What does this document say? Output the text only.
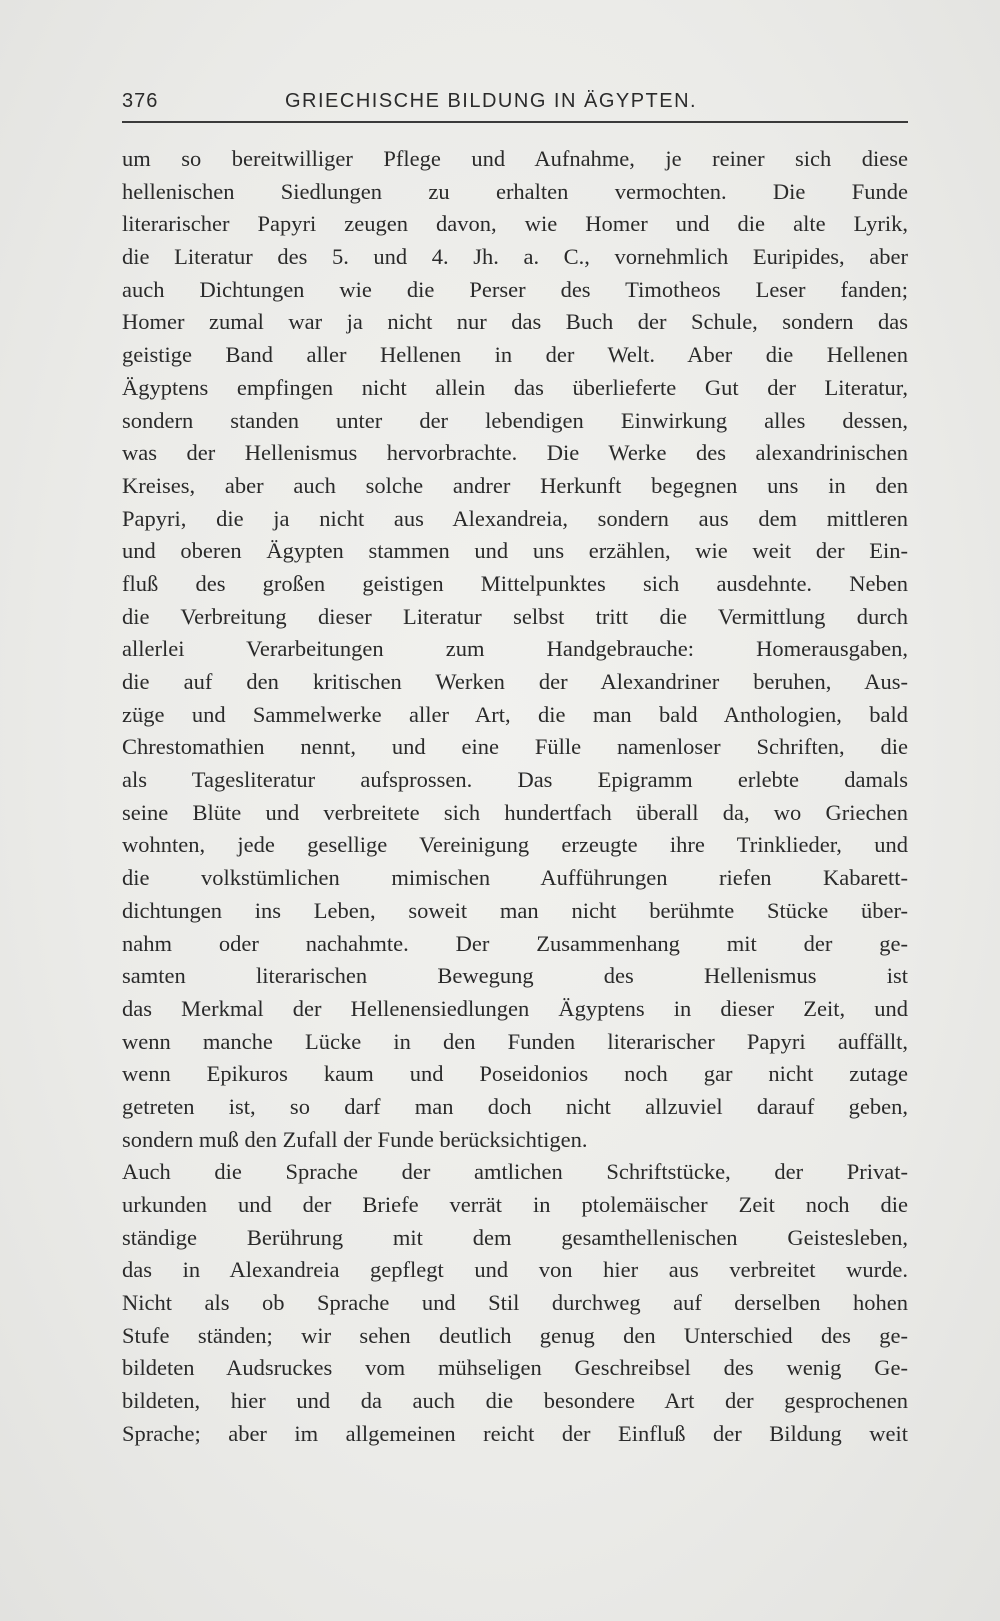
376	GRIECHISCHE BILDUNG IN ÄGYPTEN.
um so bereitwilliger Pflege und Aufnahme, je reiner sich diese
hellenischen Siedlungen zu erhalten vermochten. Die Funde
literarischer Papyri zeugen davon, wie Homer und die alte Lyrik,
die Literatur des 5. und 4. Jh. a. C., vornehmlich Euripides, aber
auch Dichtungen wie die Perser des Timotheos Leser fanden;
Homer zumal war ja nicht nur das Buch der Schule, sondern das
geistige Band aller Hellenen in der Welt. Aber die Hellenen
Ägyptens empfingen nicht allein das überlieferte Gut der Literatur,
sondern standen unter der lebendigen Einwirkung alles dessen,
was der Hellenismus hervorbrachte. Die Werke des alexandrinischen
Kreises, aber auch solche andrer Herkunft begegnen uns in den
Papyri, die ja nicht aus Alexandreia, sondern aus dem mittleren
und oberen Ägypten stammen und uns erzählen, wie weit der Ein-
fluß des großen geistigen Mittelpunktes sich ausdehnte. Neben
die Verbreitung dieser Literatur selbst tritt die Vermittlung durch
allerlei Verarbeitungen zum Handgebrauche: Homerausgaben,
die auf den kritischen Werken der Alexandriner beruhen, Aus-
züge und Sammelwerke aller Art, die man bald Anthologien, bald
Chrestomathien nennt, und eine Fülle namenloser Schriften, die
als Tagesliteratur aufsprossen. Das Epigramm erlebte damals
seine Blüte und verbreitete sich hundertfach überall da, wo Griechen
wohnten, jede gesellige Vereinigung erzeugte ihre Trinklieder, und
die volkstümlichen mimischen Aufführungen riefen Kabarett-
dichtungen ins Leben, soweit man nicht berühmte Stücke über-
nahm oder nachahmte. Der Zusammenhang mit der ge-
samten literarischen Bewegung des Hellenismus ist
das Merkmal der Hellenensiedlungen Ägyptens in dieser Zeit, und
wenn manche Lücke in den Funden literarischer Papyri auffällt,
wenn Epikuros kaum und Poseidonios noch gar nicht zutage
getreten ist, so darf man doch nicht allzuviel darauf geben,
sondern muß den Zufall der Funde berücksichtigen.
Auch die Sprache der amtlichen Schriftstücke, der Privat-
urkunden und der Briefe verrät in ptolemäischer Zeit noch die
ständige Berührung mit dem gesamthellenischen Geistesleben,
das in Alexandreia gepflegt und von hier aus verbreitet wurde.
Nicht als ob Sprache und Stil durchweg auf derselben hohen
Stufe ständen; wir sehen deutlich genug den Unterschied des ge-
bildeten Audsruckes vom mühseligen Geschreibsel des wenig Ge-
bildeten, hier und da auch die besondere Art der gesprochenen
Sprache; aber im allgemeinen reicht der Einfluß der Bildung weit
